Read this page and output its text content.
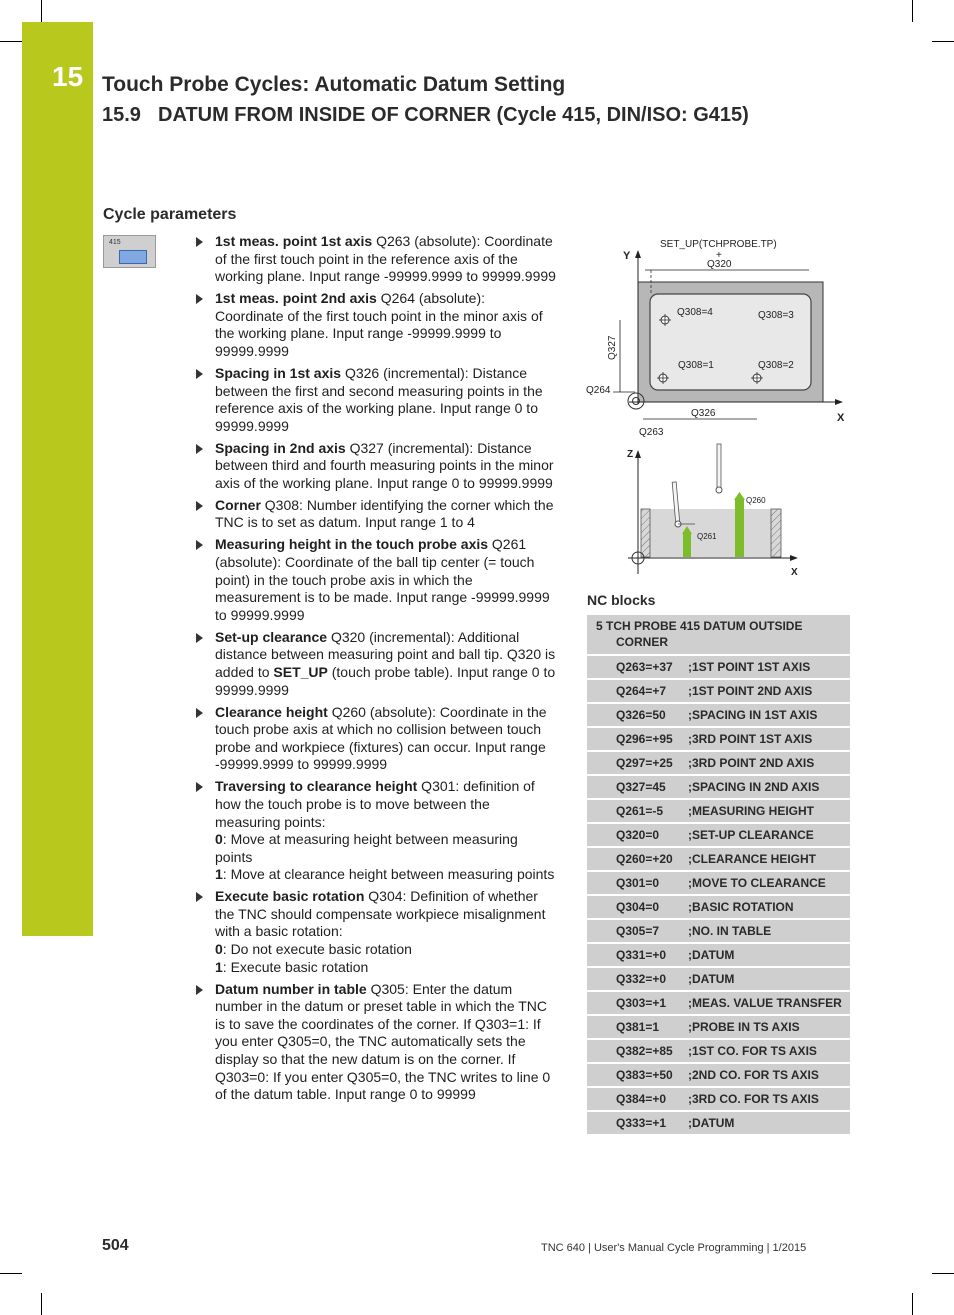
15 Touch Probe Cycles: Automatic Datum Setting
15.9 DATUM FROM INSIDE OF CORNER (Cycle 415, DIN/ISO: G415)
Cycle parameters
415	1st meas. point 1st axis Q263 (absolute): Coordinate of the first touch point in the reference axis of the working plane. Input range -99999.9999 to 99999.9999
1st meas. point 2nd axis Q264 (absolute): Coordinate of the first touch point in the minor axis of the working plane. Input range -99999.9999 to 99999.9999
Spacing in 1st axis Q326 (incremental): Distance between the first and second measuring points in the reference axis of the working plane. Input range 0 to 99999.9999
Spacing in 2nd axis Q327 (incremental): Distance between third and fourth measuring points in the minor axis of the working plane. Input range 0 to 99999.9999
Corner Q308: Number identifying the corner which the TNC is to set as datum. Input range 1 to 4
Measuring height in the touch probe axis Q261 (absolute): Coordinate of the ball tip center (= touch point) in the touch probe axis in which the measurement is to be made. Input range -99999.9999 to 99999.9999
Set-up clearance Q320 (incremental): Additional distance between measuring point and ball tip. Q320 is added to SET_UP (touch probe table). Input range 0 to 99999.9999
Clearance height Q260 (absolute): Coordinate in the touch probe axis at which no collision between touch probe and workpiece (fixtures) can occur. Input range -99999.9999 to 99999.9999
Traversing to clearance height Q301: definition of how the touch probe is to move between the measuring points:
0: Move at measuring height between measuring points
1: Move at clearance height between measuring points
Execute basic rotation Q304: Definition of whether the TNC should compensate workpiece misalignment with a basic rotation:
0: Do not execute basic rotation
1: Execute basic rotation
Datum number in table Q305: Enter the datum number in the datum or preset table in which the TNC is to save the coordinates of the corner. If Q303=1: If you enter Q305=0, the TNC automatically sets the display so that the new datum is on the corner. If Q303=0: If you enter Q305=0, the TNC writes to line 0 of the datum table. Input range 0 to 99999
Y
X
SET_UP(TCHPROBE.TP)
+
Q320
Q308=4	Q308=3
Q308=1	Q308=2
Q327
Q264
Q326
Q263
Z
X
Q260
Q261
NC blocks
5 TCH PROBE 415 DATUM OUTSIDE
CORNER
Q263=+37	;1ST POINT 1ST AXIS
Q264=+7	;1ST POINT 2ND AXIS
Q326=50	;SPACING IN 1ST AXIS
Q296=+95	;3RD POINT 1ST AXIS
Q297=+25	;3RD POINT 2ND AXIS
Q327=45	;SPACING IN 2ND AXIS
Q261=-5	;MEASURING HEIGHT
Q320=0	;SET-UP CLEARANCE
Q260=+20	;CLEARANCE HEIGHT
Q301=0	;MOVE TO CLEARANCE
Q304=0	;BASIC ROTATION
Q305=7	;NO. IN TABLE
Q331=+0	;DATUM
Q332=+0	;DATUM
Q303=+1	;MEAS. VALUE TRANSFER
Q381=1	;PROBE IN TS AXIS
Q382=+85	;1ST CO. FOR TS AXIS
Q383=+50	;2ND CO. FOR TS AXIS
Q384=+0	;3RD CO. FOR TS AXIS
Q333=+1	;DATUM
504	TNC 640 | User's Manual Cycle Programming | 1/2015
